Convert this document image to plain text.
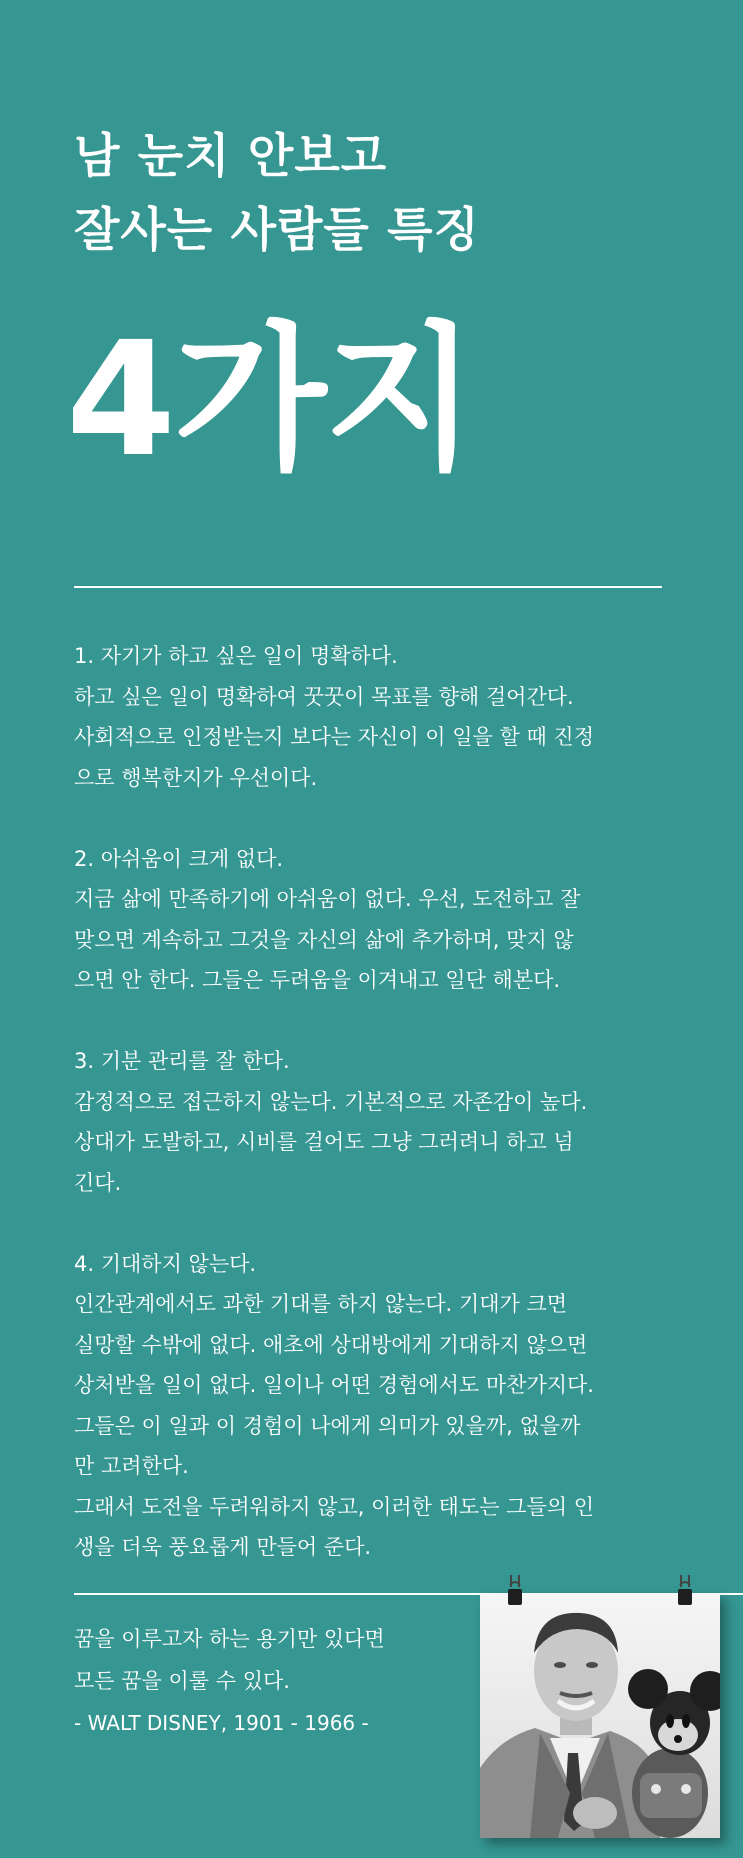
남 눈치 안보고
잘사는 사람들 특징
4가지
1. 자기가 하고 싶은 일이 명확하다.
하고 싶은 일이 명확하여 꿋꿋이 목표를 향해 걸어간다.
사회적으로 인정받는지 보다는 자신이 이 일을 할 때 진정
으로 행복한지가 우선이다.
2. 아쉬움이 크게 없다.
지금 삶에 만족하기에 아쉬움이 없다. 우선, 도전하고 잘
맞으면 계속하고 그것을 자신의 삶에 추가하며, 맞지 않
으면 안 한다. 그들은 두려움을 이겨내고 일단 해본다.
3. 기분 관리를 잘 한다.
감정적으로 접근하지 않는다. 기본적으로 자존감이 높다.
상대가 도발하고, 시비를 걸어도 그냥 그러려니 하고 넘
긴다.
4. 기대하지 않는다.
인간관계에서도 과한 기대를 하지 않는다. 기대가 크면
실망할 수밖에 없다. 애초에 상대방에게 기대하지 않으면
상처받을 일이 없다. 일이나 어떤 경험에서도 마찬가지다.
그들은 이 일과 이 경험이 나에게 의미가 있을까, 없을까
만 고려한다.
그래서 도전을 두려워하지 않고, 이러한 태도는 그들의 인
생을 더욱 풍요롭게 만들어 준다.
꿈을 이루고자 하는 용기만 있다면
모든 꿈을 이룰 수 있다.
- WALT DISNEY, 1901 - 1966 -
